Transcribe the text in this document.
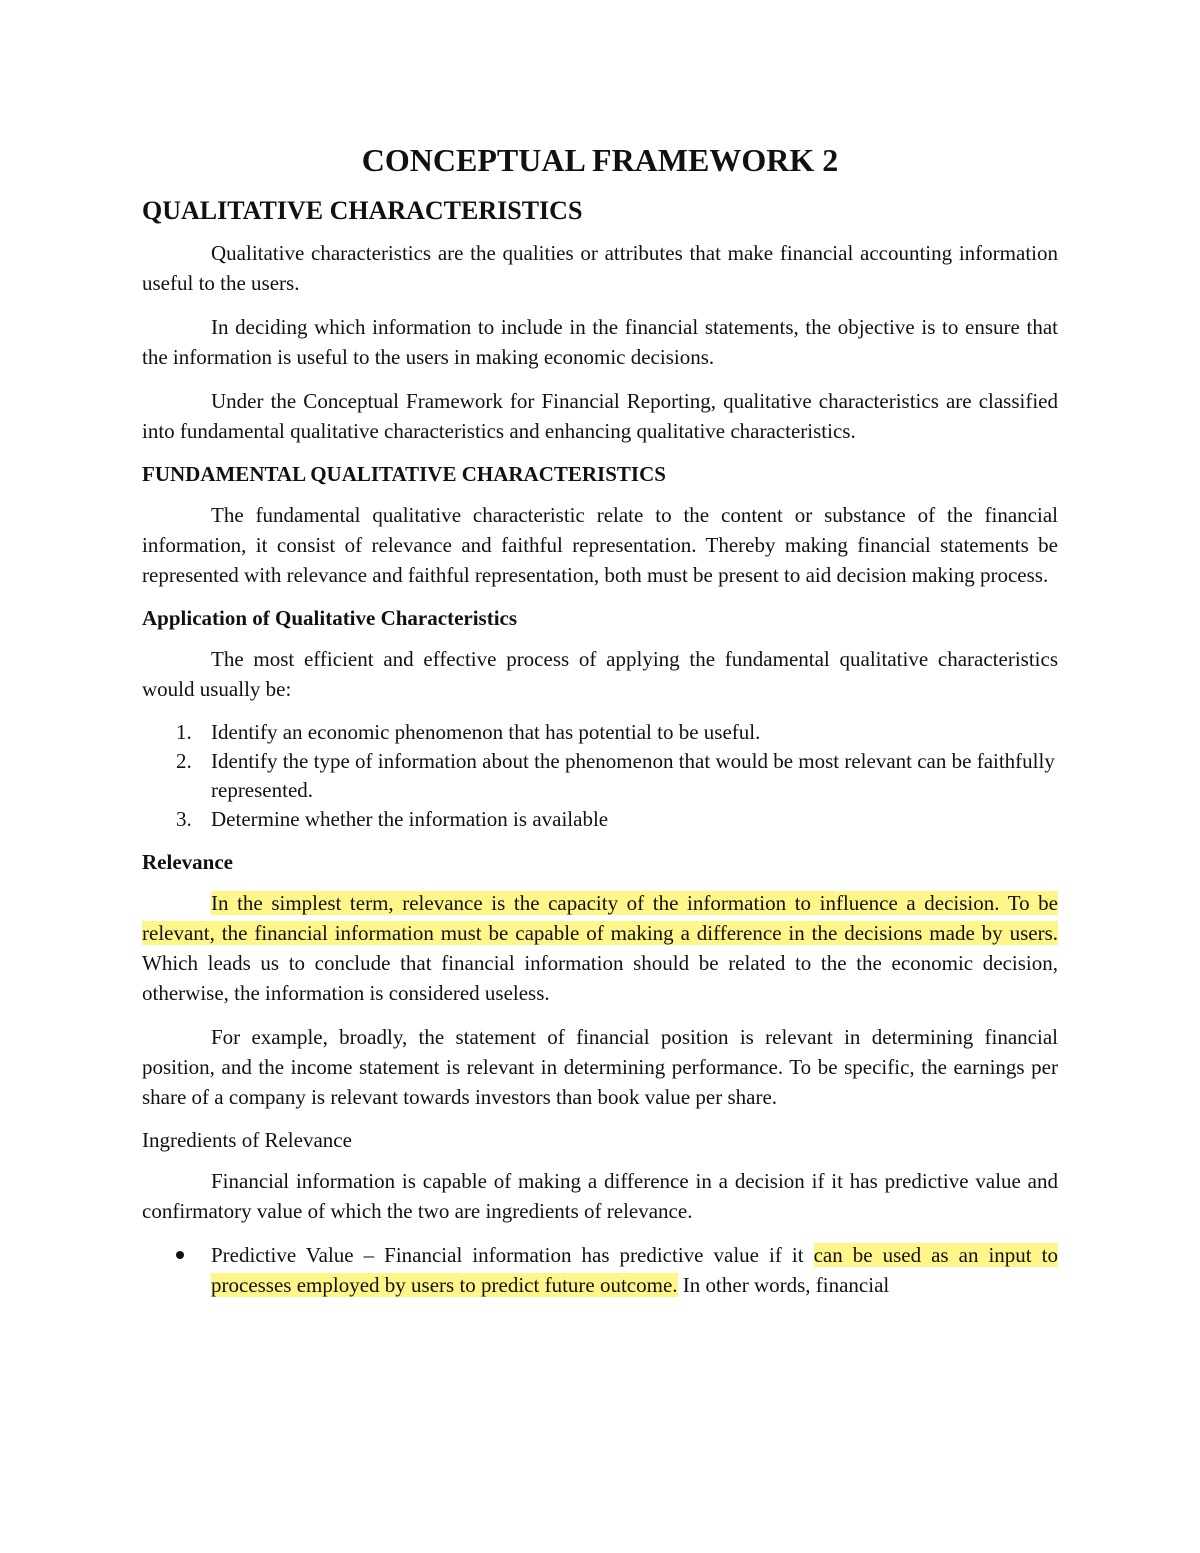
CONCEPTUAL FRAMEWORK 2
QUALITATIVE CHARACTERISTICS

Qualitative characteristics are the qualities or attributes that make financial accounting information useful to the users.

In deciding which information to include in the financial statements, the objective is to ensure that the information is useful to the users in making economic decisions.

Under the Conceptual Framework for Financial Reporting, qualitative characteristics are classified into fundamental qualitative characteristics and enhancing qualitative characteristics.

FUNDAMENTAL QUALITATIVE CHARACTERISTICS

The fundamental qualitative characteristic relate to the content or substance of the financial information, it consist of relevance and faithful representation. Thereby making financial statements be represented with relevance and faithful representation, both must be present to aid decision making process.

Application of Qualitative Characteristics

The most efficient and effective process of applying the fundamental qualitative characteristics would usually be:

1. Identify an economic phenomenon that has potential to be useful.
2. Identify the type of information about the phenomenon that would be most relevant can be faithfully represented.
3. Determine whether the information is available
Relevance

In the simplest term, relevance is the capacity of the information to influence a decision. To be relevant, the financial information must be capable of making a difference in the decisions made by users. Which leads us to conclude that financial information should be related to the the economic decision, otherwise, the information is considered useless.

For example, broadly, the statement of financial position is relevant in determining financial position, and the income statement is relevant in determining performance. To be specific, the earnings per share of a company is relevant towards investors than book value per share.

Ingredients of Relevance

Financial information is capable of making a difference in a decision if it has predictive value and confirmatory value of which the two are ingredients of relevance.

Predictive Value – Financial information has predictive value if it can be used as an input to processes employed by users to predict future outcome. In other words, financial
